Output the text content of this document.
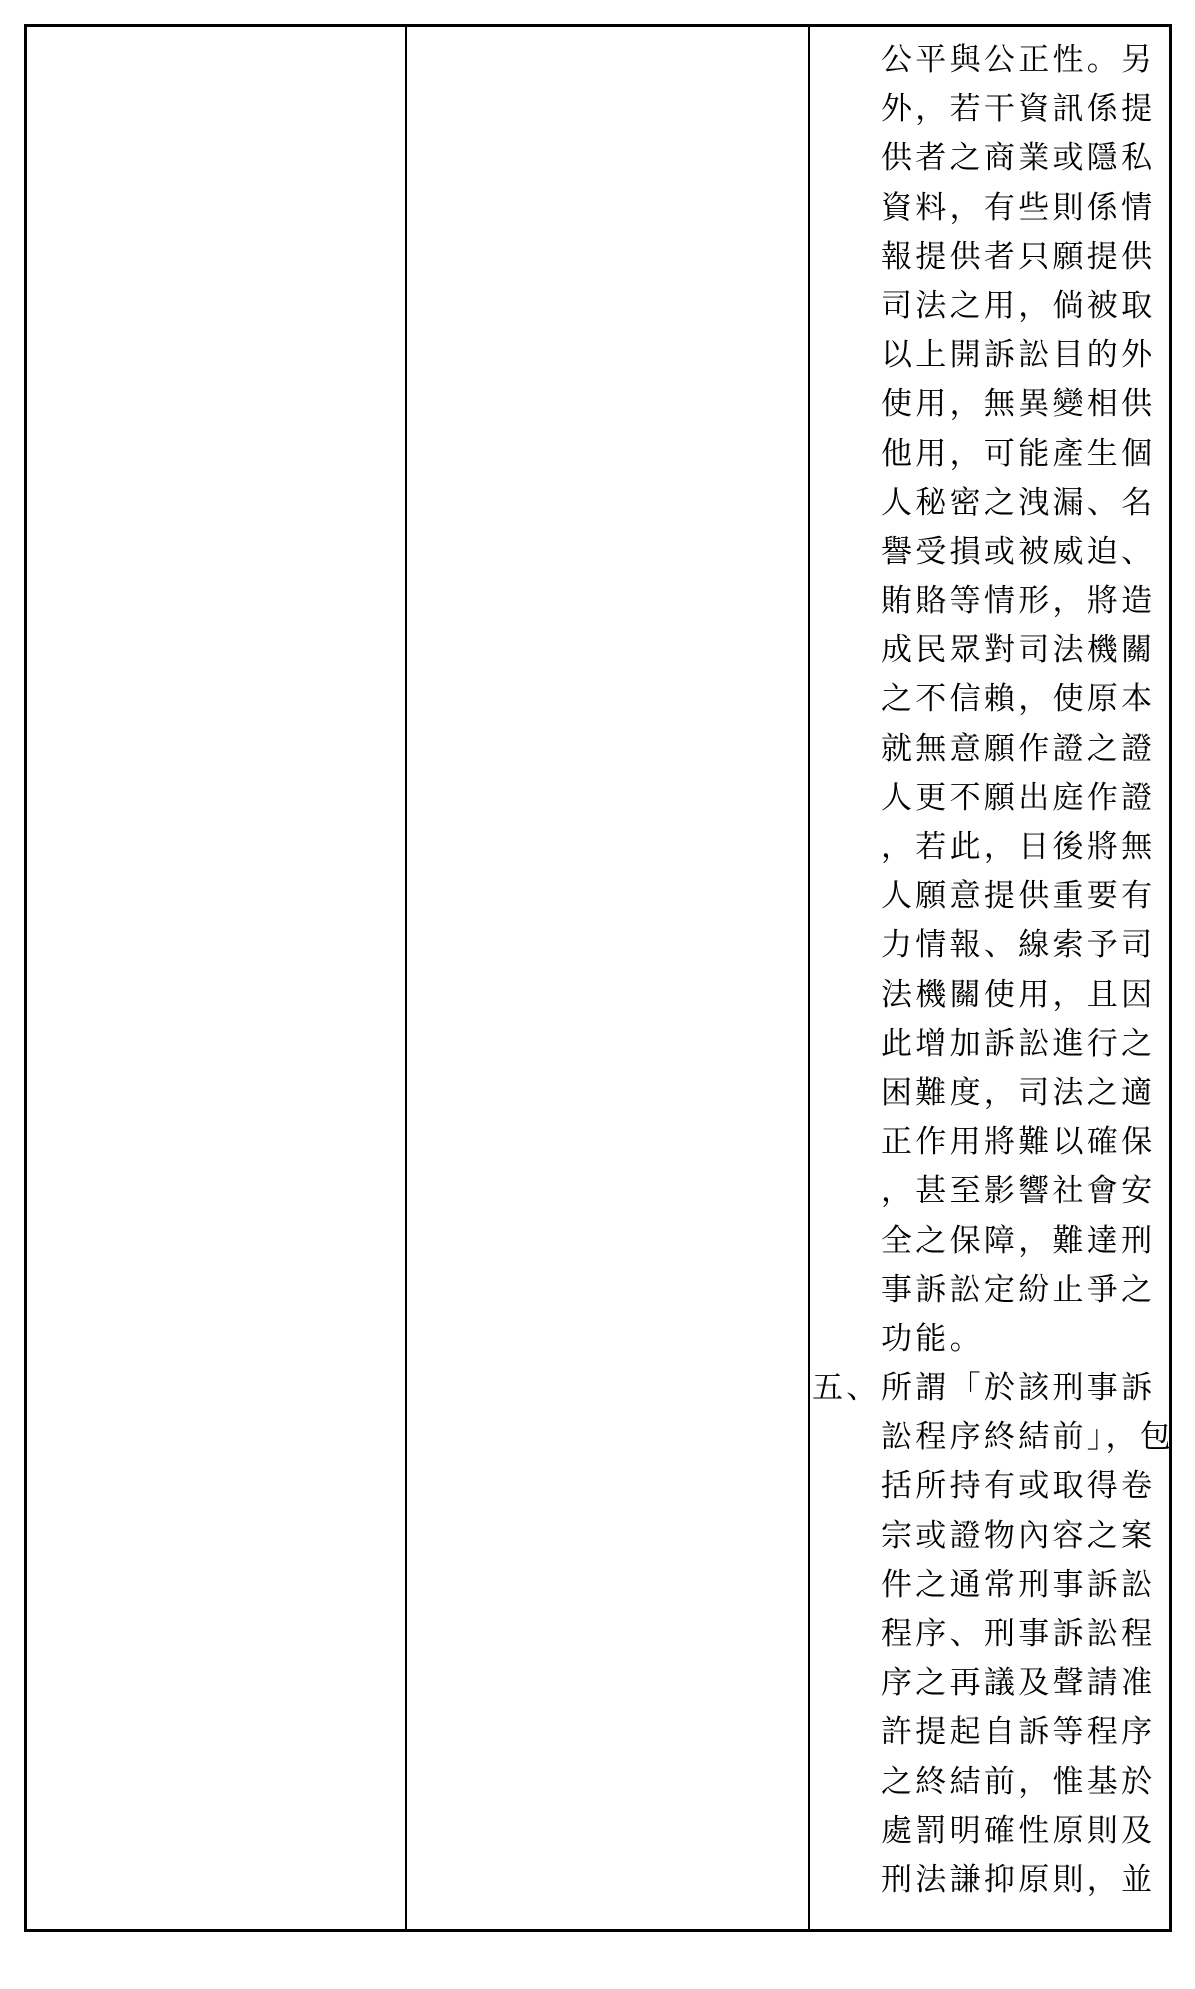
公平與公正性。另
外，若干資訊係提
供者之商業或隱私
資料，有些則係情
報提供者只願提供
司法之用，倘被取
以上開訴訟目的外
使用，無異變相供
他用，可能產生個
人秘密之洩漏、名
譽受損或被威迫、
賄賂等情形，將造
成民眾對司法機關
之不信賴，使原本
就無意願作證之證
人更不願出庭作證
，若此，日後將無
人願意提供重要有
力情報、線索予司
法機關使用，且因
此增加訴訟進行之
困難度，司法之適
正作用將難以確保
，甚至影響社會安
全之保障，難達刑
事訴訟定紛止爭之
功能。
五、所謂「於該刑事訴
訟程序終結前」，包
括所持有或取得卷
宗或證物內容之案
件之通常刑事訴訟
程序、刑事訴訟程
序之再議及聲請准
許提起自訴等程序
之終結前，惟基於
處罰明確性原則及
刑法謙抑原則，並
